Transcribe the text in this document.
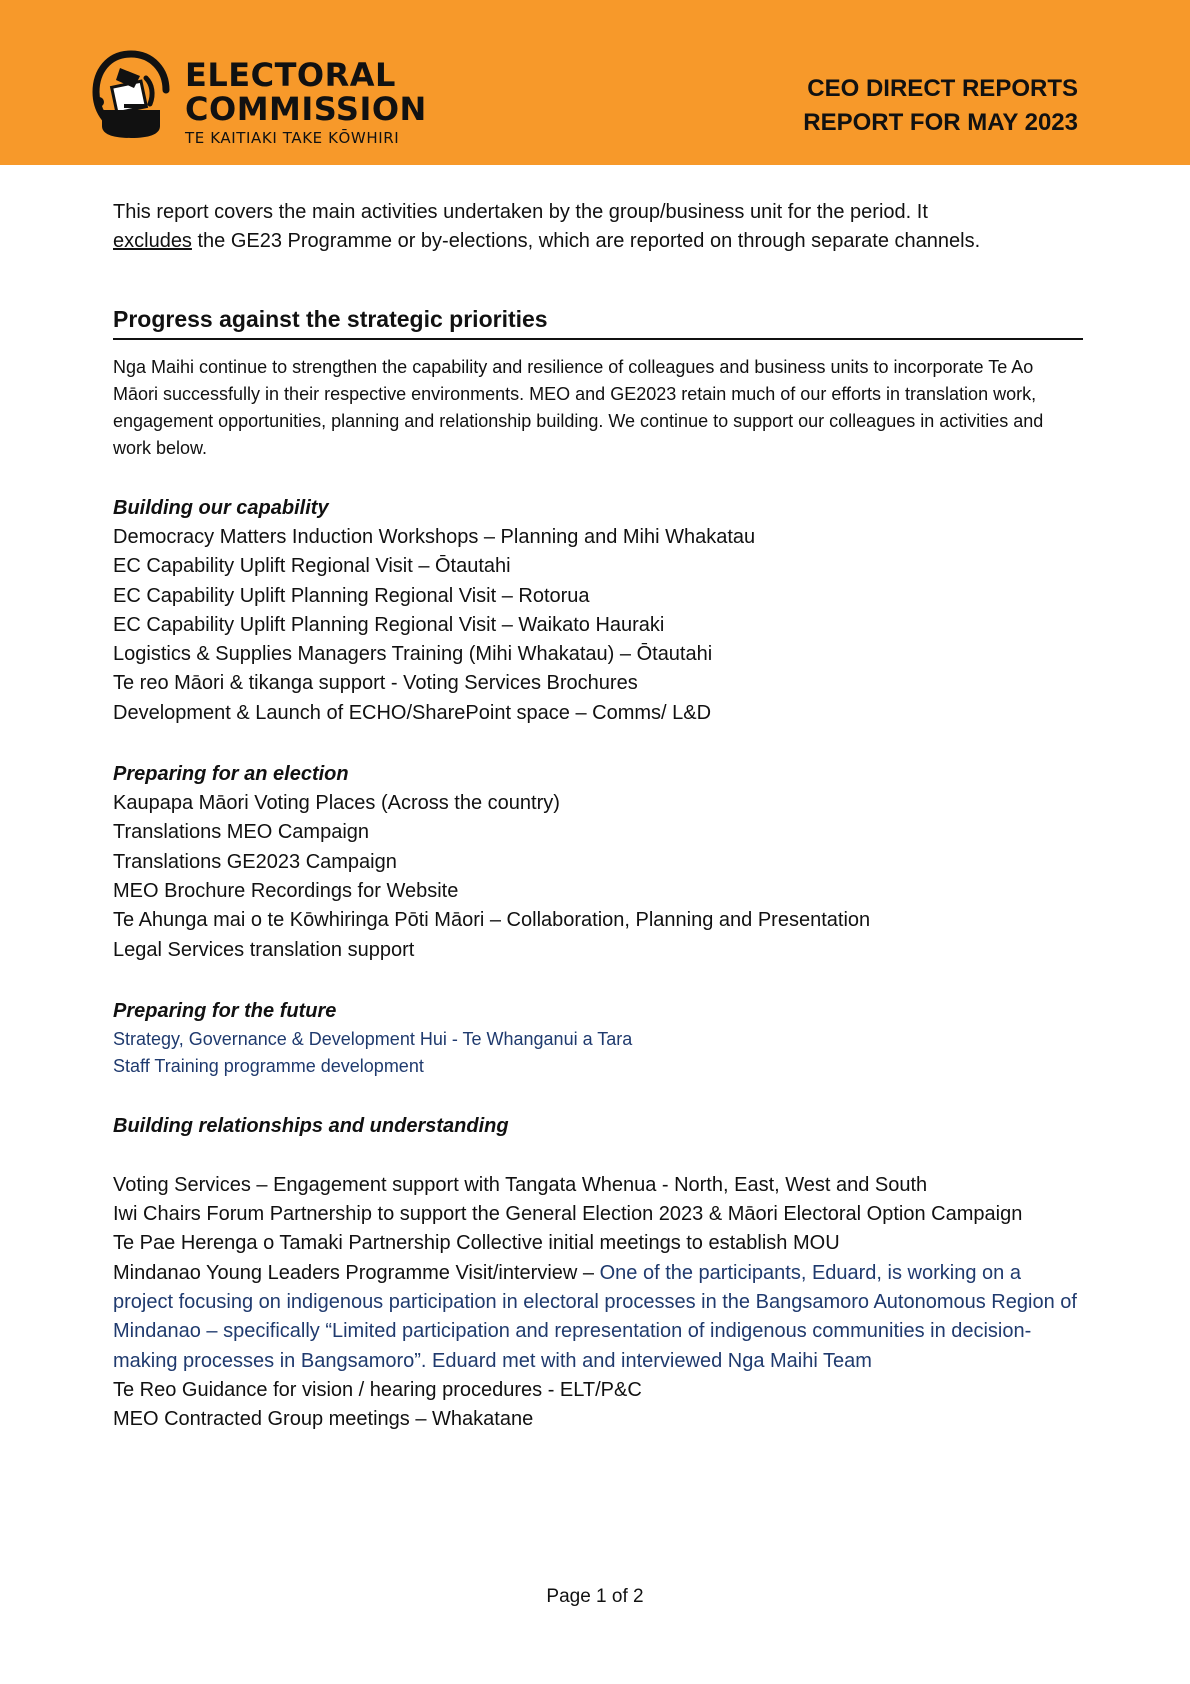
ELECTORAL
COMMISSION
TE KAITIAKI TAKE KŌWHIRI
CEO DIRECT REPORTS
REPORT FOR MAY 2023

This report covers the main activities undertaken by the group/business unit for the period. It
excludes the GE23 Programme or by-elections, which are reported on through separate channels.

Progress against the strategic priorities

Nga Maihi continue to strengthen the capability and resilience of colleagues and business units to incorporate Te Ao Māori successfully in their respective environments. MEO and GE2023 retain much of our efforts in translation work, engagement opportunities, planning and relationship building. We continue to support our colleagues in activities and work below.

Building our capability
Democracy Matters Induction Workshops – Planning and Mihi Whakatau
EC Capability Uplift Regional Visit – Ōtautahi
EC Capability Uplift Planning Regional Visit – Rotorua
EC Capability Uplift Planning Regional Visit – Waikato Hauraki
Logistics & Supplies Managers Training (Mihi Whakatau) – Ōtautahi
Te reo Māori & tikanga support - Voting Services Brochures
Development & Launch of ECHO/SharePoint space – Comms/ L&D
Preparing for an election
Kaupapa Māori Voting Places (Across the country)
Translations MEO Campaign
Translations GE2023 Campaign
MEO Brochure Recordings for Website
Te Ahunga mai o te Kōwhiringa Pōti Māori – Collaboration, Planning and Presentation
Legal Services translation support
Preparing for the future
Strategy, Governance & Development Hui - Te Whanganui a Tara
Staff Training programme development
Building relationships and understanding
Voting Services – Engagement support with Tangata Whenua - North, East, West and South
Iwi Chairs Forum Partnership to support the General Election 2023 & Māori Electoral Option Campaign
Te Pae Herenga o Tamaki Partnership Collective initial meetings to establish MOU
Mindanao Young Leaders Programme Visit/interview – One of the participants, Eduard, is working on a project focusing on indigenous participation in electoral processes in the Bangsamoro Autonomous Region of Mindanao – specifically “Limited participation and representation of indigenous communities in decision-making processes in Bangsamoro”. Eduard met with and interviewed Nga Maihi Team
Te Reo Guidance for vision / hearing procedures - ELT/P&C
MEO Contracted Group meetings – Whakatane
Page 1 of 2
